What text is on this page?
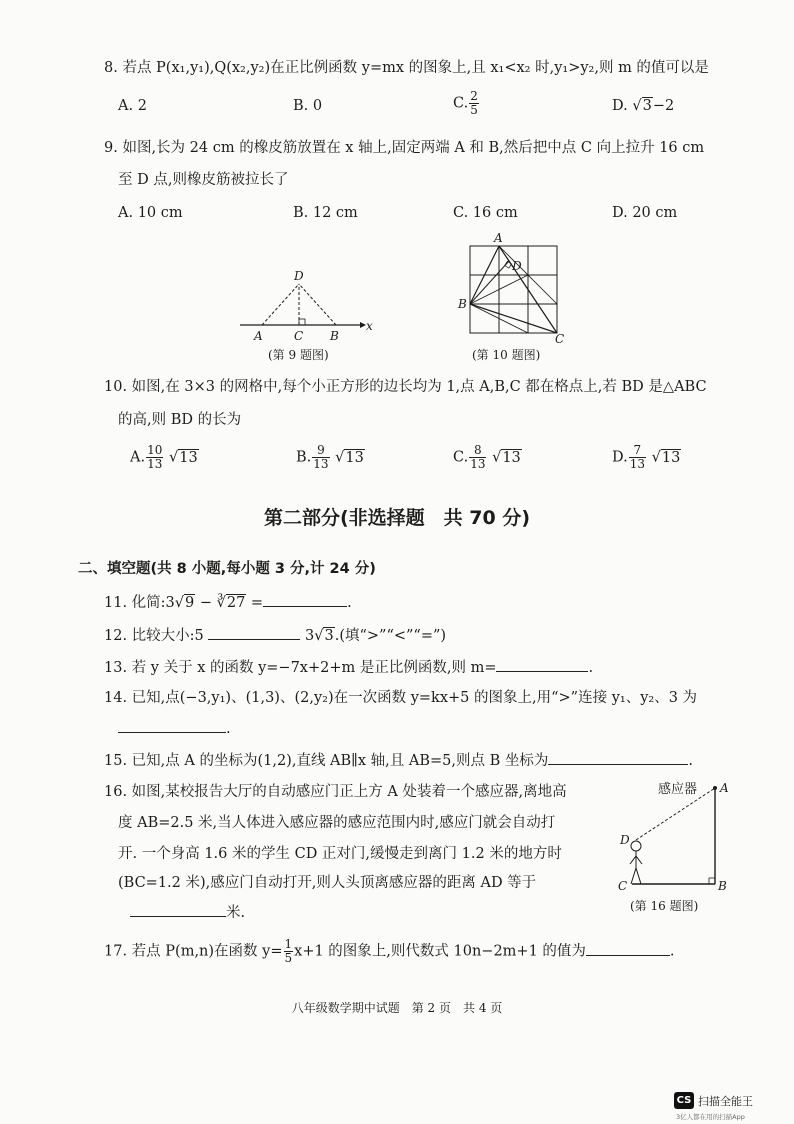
8. 若点 P(x₁,y₁),Q(x₂,y₂)在正比例函数 y=mx 的图象上,且 x₁<x₂ 时,y₁>y₂,则 m 的值可以是
A. 2	B. 0	C. $\frac{2}{5}$	D. √3−2
9. 如图,长为 24 cm 的橡皮筋放置在 x 轴上,固定两端 A 和 B,然后把中点 C 向上拉升 16 cm
至 D 点,则橡皮筋被拉长了
A. 10 cm	B. 12 cm	C. 16 cm	D. 20 cm
D
A	C B
x
(第 9 题图)
A
D
B
C
(第 10 题图)
10. 如图,在 3×3 的网格中,每个小正方形的边长均为 1,点 A,B,C 都在格点上,若 BD 是△ABC
的高,则 BD 的长为
A. $\frac{10}{13} √13$	B. $\frac{9}{13} √13$	C. $\frac{8}{13} √13$	D. $\frac{7}{13} √13$
第二部分(非选择题　共 70 分)
二、填空题(共 8 小题,每小题 3 分,计 24 分)
11. 化简:3√9 − ∛27 =	.
12. 比较大小:5	3√3.(填“>”“<”“=”)
13. 若 y 关于 x 的函数 y=−7x+2+m 是正比例函数,则 m=	.
14. 已知,点(−3,y₁)、(1,3)、(2,y₂)在一次函数 y=kx+5 的图象上,用“>”连接 y₁、y₂、3 为
.
15. 已知,点 A 的坐标为(1,2),直线 AB∥x 轴,且 AB=5,则点 B 坐标为	.
16. 如图,某校报告大厅的自动感应门正上方 A 处装着一个感应器,离地高
度 AB=2.5 米,当人体进入感应器的感应范围内时,感应门就会自动打
开. 一个身高 1.6 米的学生 CD 正对门,缓慢走到离门 1.2 米的地方时
(BC=1.2 米),感应门自动打开,则人头顶离感应器的距离 AD 等于
米.
感应器 A
B
D
C
(第 16 题图)
17. 若点 P(m,n)在函数 $y= \frac{1}{5} x+1$ 的图象上,则代数式 10n−2m+1 的值为	.
八年级数学期中试题　第 2 页　共 4 页
CS 扫描全能王
3亿人都在用的扫描App
